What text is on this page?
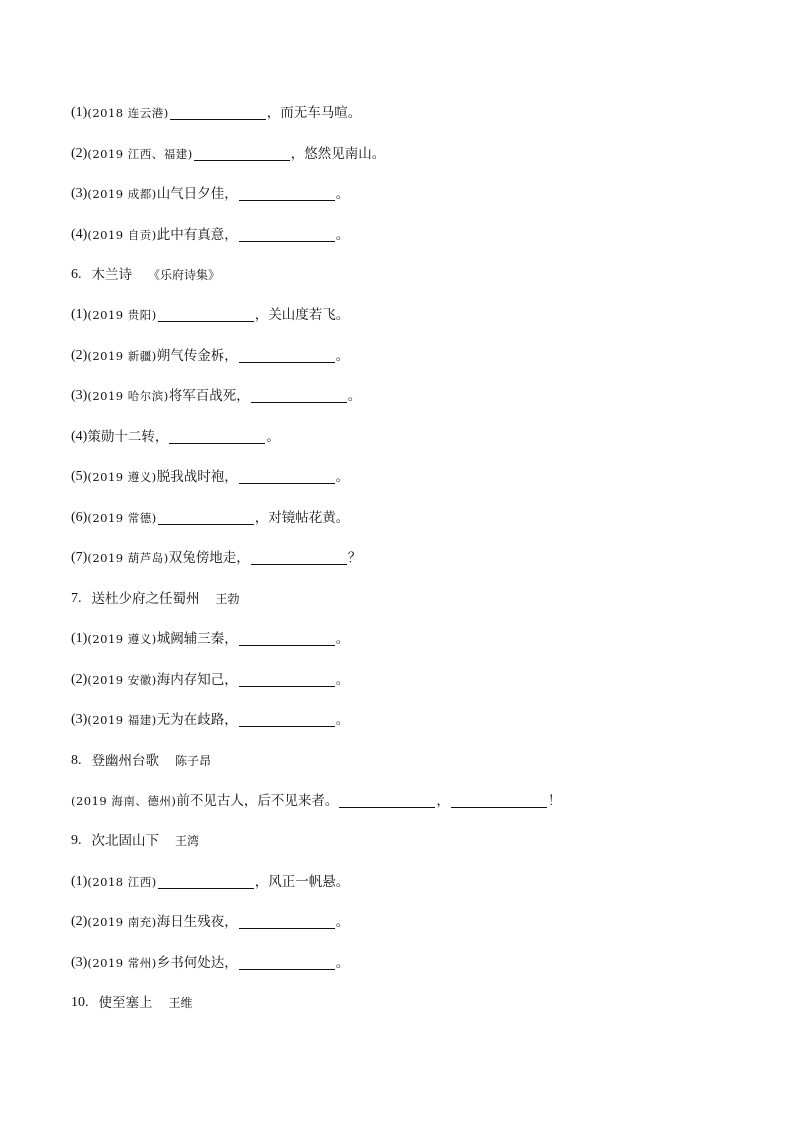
(1) (2018 连云港)	，而无车马喧。
(2) (2019 江西、福建)	，悠然见南山。
(3) (2019 成都) 山气日夕佳，	。
(4) (2019 自贡) 此中有真意，	。
6. 木兰诗 《乐府诗集》
(1) (2019 贵阳)	，关山度若飞。
(2) (2019 新疆) 朔气传金柝，	。
(3) (2019 哈尔滨) 将军百战死，	。
(4) 策勋十二转，	。
(5) (2019 遵义) 脱我战时袍，	。
(6) (2019 常德)	，对镜帖花黄。
(7) (2019 葫芦岛) 双兔傍地走，	？
7. 送杜少府之任蜀州 王勃
(1) (2019 遵义) 城阙辅三秦，	。
(2) (2019 安徽) 海内存知己，	。
(3) (2019 福建) 无为在歧路，	。
8. 登幽州台歌 陈子昂
(2019 海南、德州) 前不见古人，后不见来者。	，	！
9. 次北固山下 王湾
(1) (2018 江西)	，风正一帆悬。
(2) (2019 南充) 海日生残夜，	。
(3) (2019 常州) 乡书何处达，	。
10. 使至塞上 王维
